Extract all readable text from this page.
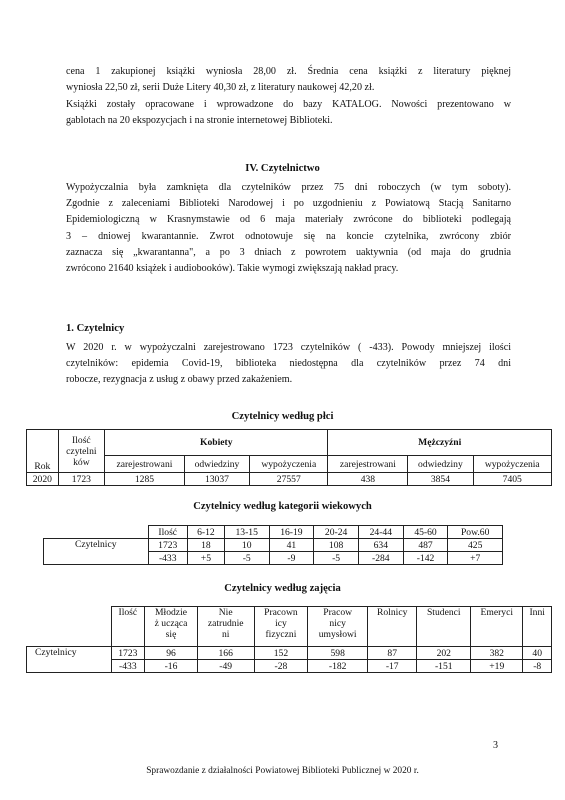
cena 1 zakupionej książki wyniosła 28,00 zł. Średnia cena książki z literatury pięknej
wyniosła 22,50 zł, serii Duże Litery 40,30 zł, z literatury naukowej 42,20 zł.
Książki zostały opracowane i wprowadzone do bazy KATALOG. Nowości prezentowano w
gablotach na 20 ekspozycjach i na stronie internetowej Biblioteki.
IV. Czytelnictwo
Wypożyczalnia była zamknięta dla czytelników przez 75 dni roboczych (w tym soboty).
Zgodnie z zaleceniami Biblioteki Narodowej i po uzgodnieniu z Powiatową Stacją Sanitarno
Epidemiologiczną w Krasnymstawie od 6 maja materiały zwrócone do biblioteki podlegają
3 – dniowej kwarantannie. Zwrot odnotowuje się na koncie czytelnika, zwrócony zbiór
zaznacza się „kwarantanna", a po 3 dniach z powrotem uaktywnia (od maja do grudnia
zwrócono 21640 książek i audiobooków). Takie wymogi zwiększają nakład pracy.
1. Czytelnicy
W 2020 r. w wypożyczalni zarejestrowano 1723 czytelników ( -433). Powody mniejszej ilości
czytelników: epidemia Covid-19, biblioteka niedostępna dla czytelników przez 74 dni
robocze, rezygnacja z usług z obawy przed zakażeniem.
Czytelnicy według płci
Rok	Ilość
czytelni
ków	Kobiety			Mężczyźni		
		zarejestrowani	odwiedziny	wypożyczenia	zarejestrowani	odwiedziny	wypożyczenia
2020	1723	1285	13037	27557	438	3854	7405
Czytelnicy według kategorii wiekowych
	Ilość	6-12	13-15	16-19	20-24	24-44	45-60	Pow.60
Czytelnicy	1723	18	10	41	108	634	487	425
	-433	+5	-5	-9	-5	-284	-142	+7
Czytelnicy według zajęcia
	Ilość	Młodzie
ż ucząca
się	Nie
zatrudnie
ni	Pracown
icy
fizyczni	Pracow
nicy
umysłowi	Rolnicy	Studenci	Emeryci	Inni
Czytelnicy	1723	96	166	152	598	87	202	382	40
	-433	-16	-49	-28	-182	-17	-151	+19	-8
3
Sprawozdanie z działalności Powiatowej Biblioteki Publicznej w 2020 r.
